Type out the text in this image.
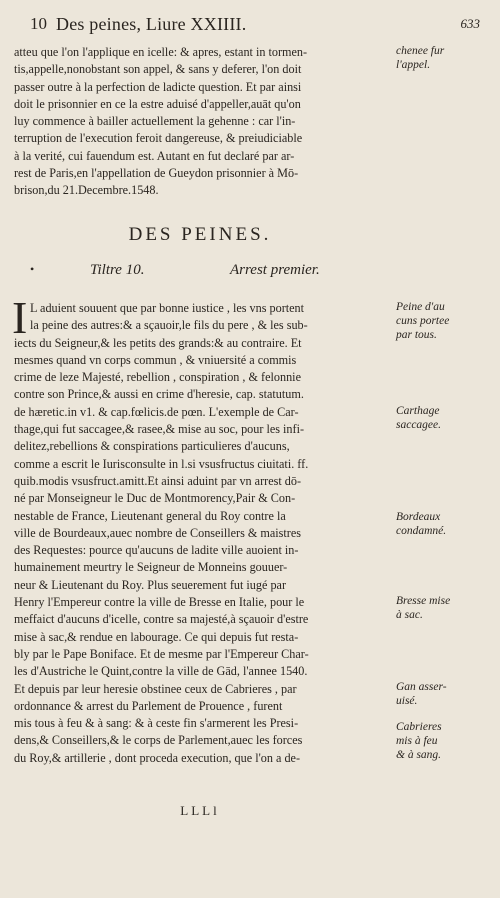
10 Des peines, Liure XXIIII.	633
atteu que l'on l'applique en icelle: & apres, estant in tormen-
tis,appelle,nonobstant son appel, & sans y deferer, l'on doit
passer outre à la perfection de ladicte question. Et par ainsi
doit le prisonnier en ce la estre aduisé d'appeller,auāt qu'on
luy commence à bailler actuellement la gehenne : car l'in-
terruption de l'execution feroit dangereuse, & preiudiciable
à la verité, cui fauendum est. Autant en fut declaré par ar-
rest de Paris,en l'appellation de Gueydon prisonnier à Mō-
brison,du 21.Decembre.1548.
chenee fur
l'appel.
DES PEINES.
•	Tiltre 10.	Arrest premier.
I L aduient souuent que par bonne iustice , les vns portent
la peine des autres:& a sçauoir,le fils du pere , & les sub-
iects du Seigneur,& les petits des grands:& au contraire. Et
mesmes quand vn corps commun , & vniuersité a commis
crime de leze Majesté, rebellion , conspiration , & felonnie
contre son Prince,& aussi en crime d'heresie, cap. statutum.
de hæretic.in v1. & cap.fœlicis.de pœn. L'exemple de Car-
thage,qui fut saccagee,& rasee,& mise au soc, pour les infi-
delitez,rebellions & conspirations particulieres d'aucuns,
comme a escrit le Iurisconsulte in l.si vsusfructus ciuitati. ff.
quib.modis vsusfruct.amitt.Et ainsi aduint par vn arrest dō-
né par Monseigneur le Duc de Montmorency,Pair & Con-
nestable de France, Lieutenant general du Roy contre la
ville de Bourdeaux,auec nombre de Conseillers & maistres
des Requestes: pource qu'aucuns de ladite ville auoient in-
humainement meurtry le Seigneur de Monneins gouuer-
neur & Lieutenant du Roy. Plus seuerement fut iugé par
Henry l'Empereur contre la ville de Bresse en Italie, pour le
meffaict d'aucuns d'icelle, contre sa majesté,à sçauoir d'estre
mise à sac,& rendue en labourage. Ce qui depuis fut resta-
bly par le Pape Boniface. Et de mesme par l'Empereur Char-
les d'Austriche le Quint,contre la ville de Gād, l'annee 1540.
Et depuis par leur heresie obstinee ceux de Cabrieres , par
ordonnance & arrest du Parlement de Prouence , furent
mis tous à feu & à sang: & à ceste fin s'armerent les Presi-
dens,& Conseillers,& le corps de Parlement,auec les forces
du Roy,& artillerie , dont proceda execution, que l'on a de-
Peine d'au
cuns portee
par tous.
Carthage
saccagee.
Bordeaux
condamné.
Bresse mise
à sac.
Gan asser-
uisé.
Cabrieres
mis à feu
& à sang.
LLLl
